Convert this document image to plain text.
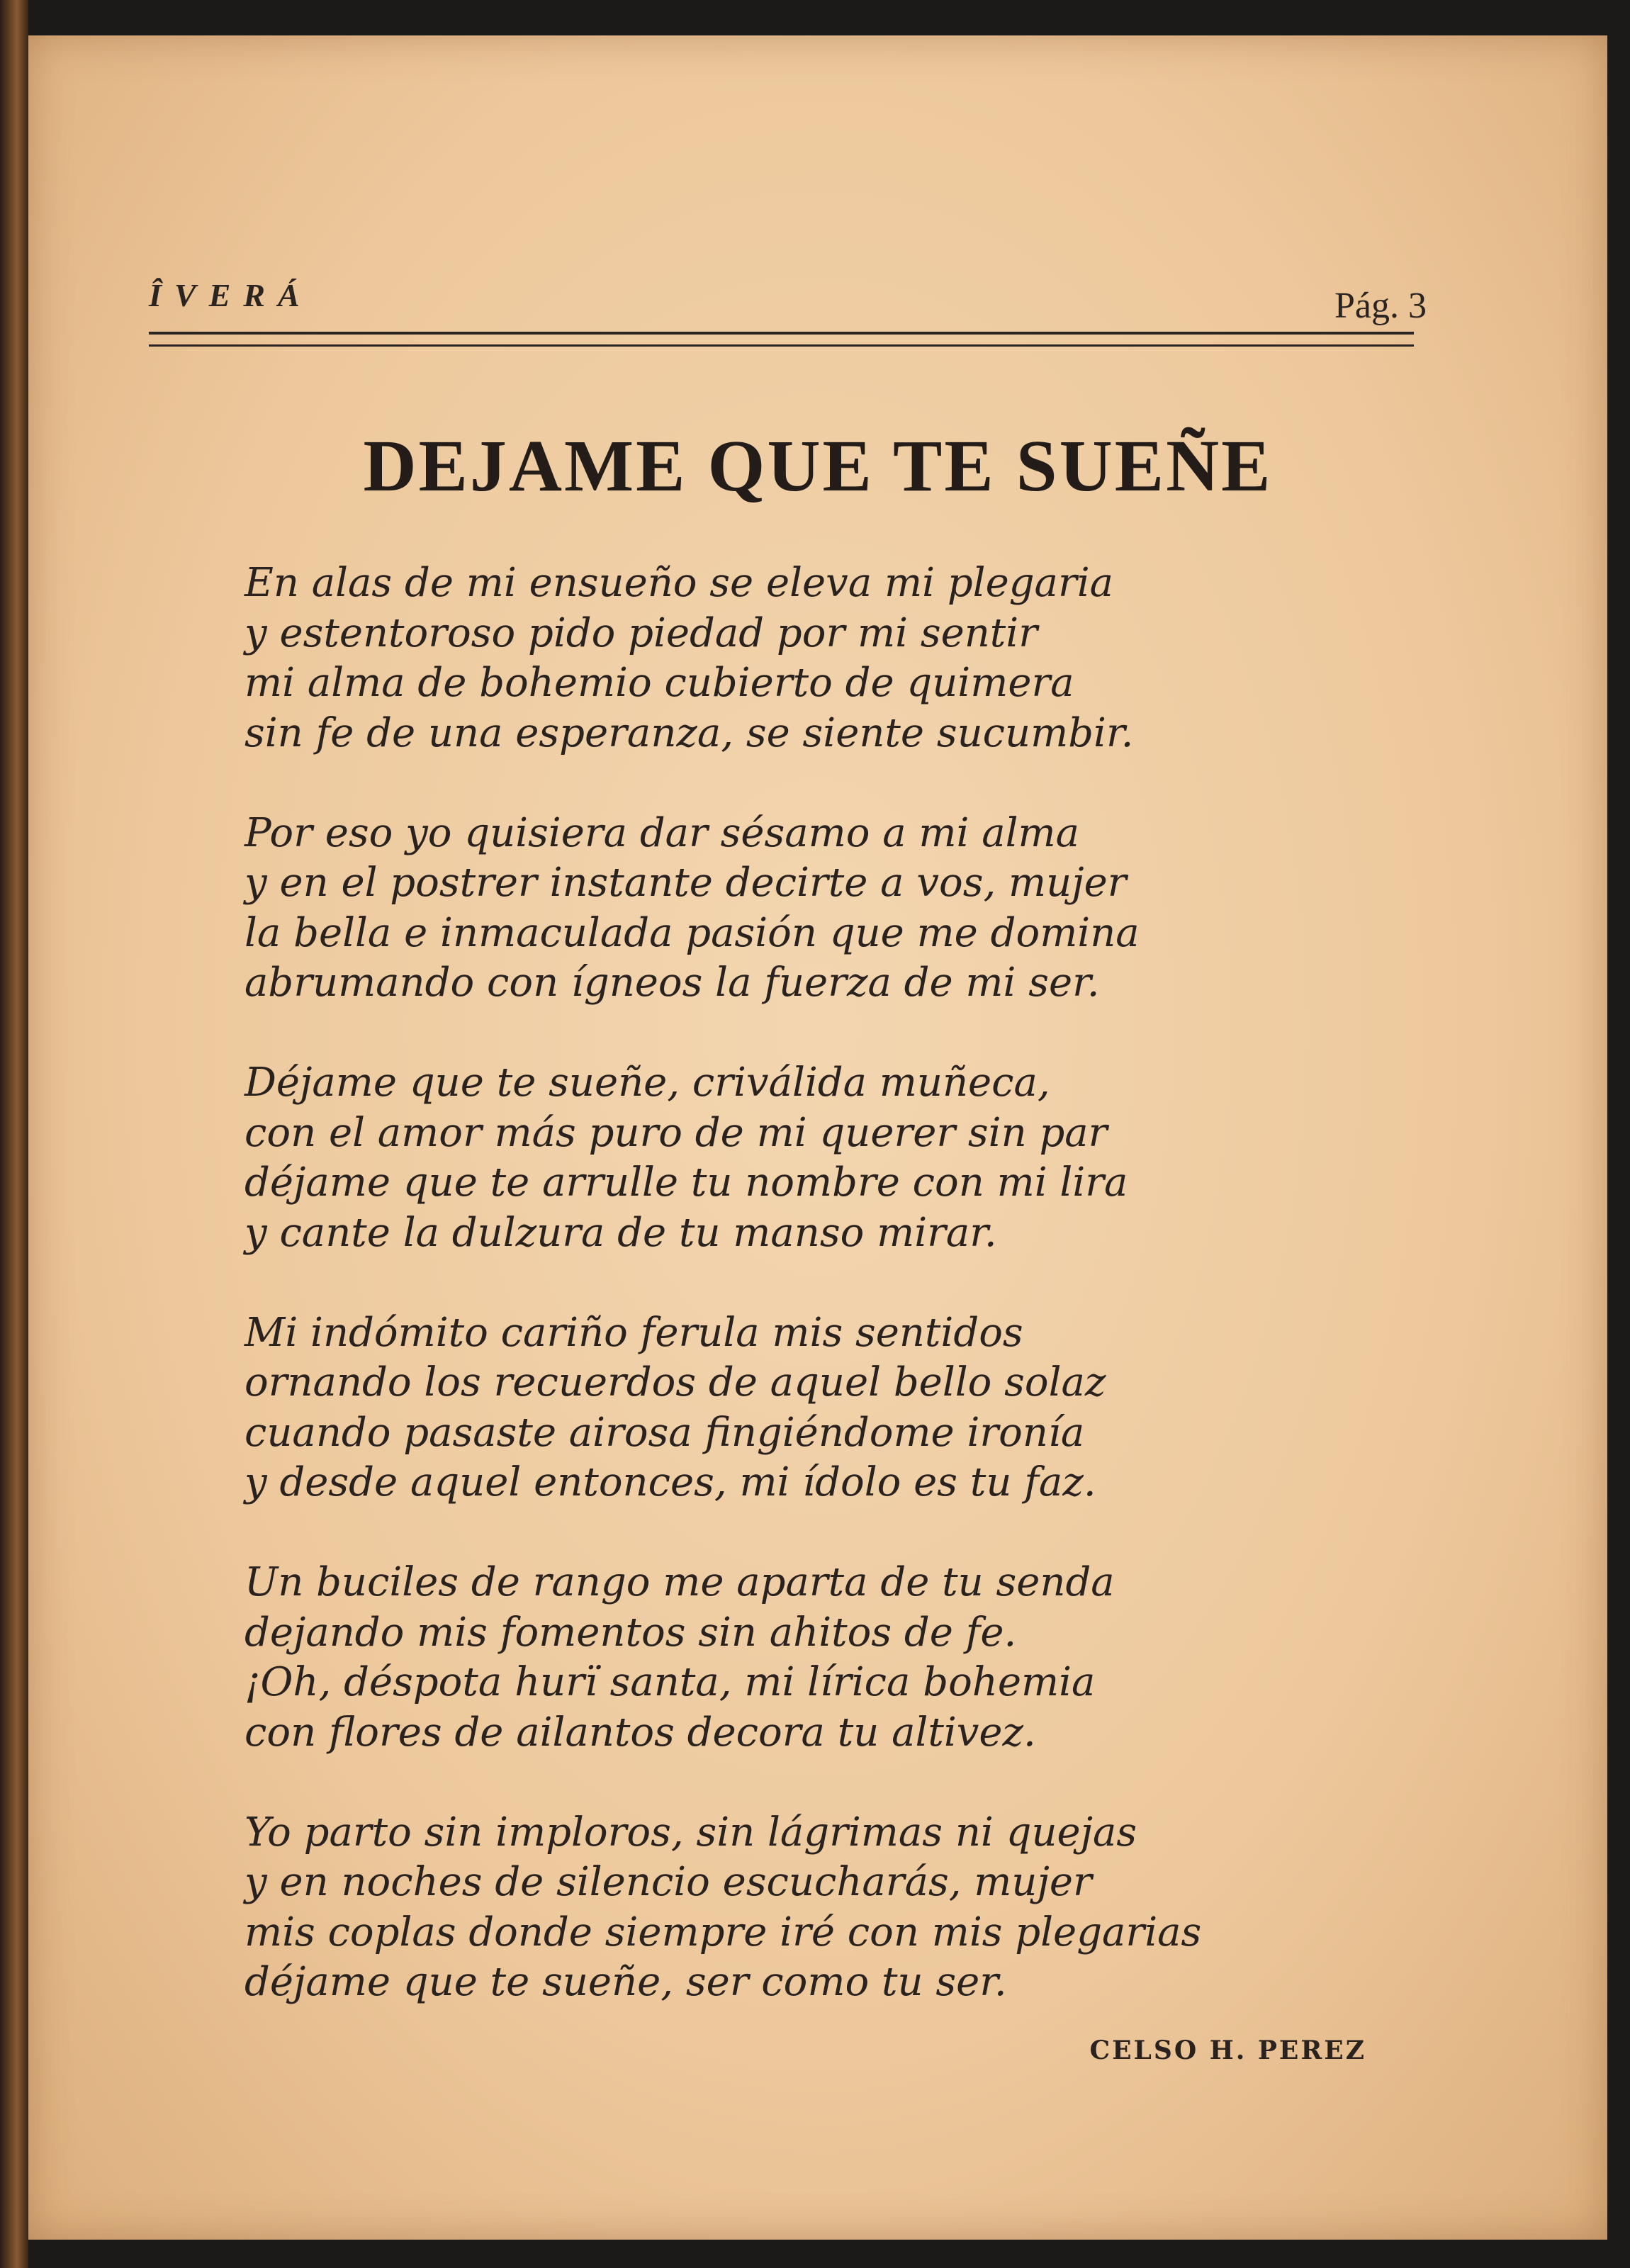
ÎVERÁ	Pág. 3
DEJAME QUE TE SUEÑE
En alas de mi ensueño se eleva mi plegaria
y estentoroso pido piedad por mi sentir
mi alma de bohemio cubierto de quimera
sin fe de una esperanza, se siente sucumbir.
Por eso yo quisiera dar sésamo a mi alma
y en el postrer instante decirte a vos, mujer
la bella e inmaculada pasión que me domina
abrumando con ígneos la fuerza de mi ser.
Déjame que te sueñe, criválida muñeca,
con el amor más puro de mi querer sin par
déjame que te arrulle tu nombre con mi lira
y cante la dulzura de tu manso mirar.
Mi indómito cariño ferula mis sentidos
ornando los recuerdos de aquel bello solaz
cuando pasaste airosa fingiéndome ironía
y desde aquel entonces, mi ídolo es tu faz.
Un buciles de rango me aparta de tu senda
dejando mis fomentos sin ahitos de fe.
¡Oh, déspota hurï santa, mi lírica bohemia
con flores de ailantos decora tu altivez.
Yo parto sin imploros, sin lágrimas ni quejas
y en noches de silencio escucharás, mujer
mis coplas donde siempre iré con mis plegarias
déjame que te sueñe, ser como tu ser.
CELSO H. PEREZ
